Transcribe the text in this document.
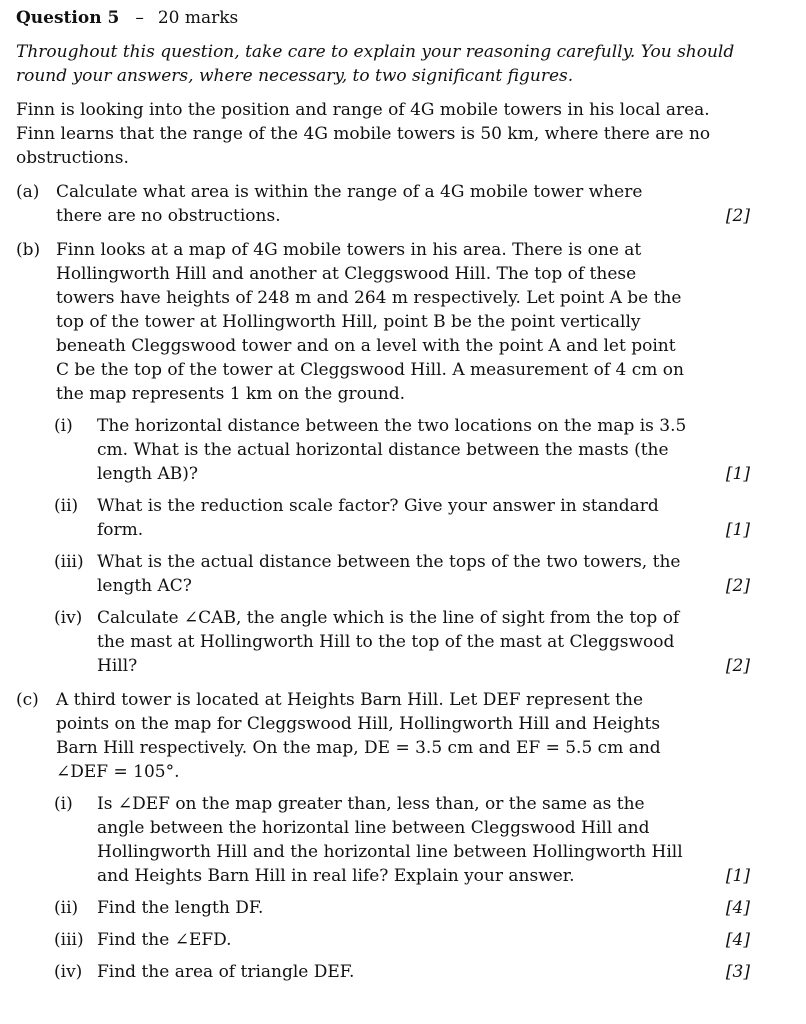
Question 5 – 20 marks
Throughout this question, take care to explain your reasoning carefully. You should round your answers, where necessary, to two significant figures.
Finn is looking into the position and range of 4G mobile towers in his local area. Finn learns that the range of the 4G mobile towers is 50 km, where there are no obstructions.
(a) Calculate what area is within the range of a 4G mobile tower where there are no obstructions.	[2]
(b) Finn looks at a map of 4G mobile towers in his area. There is one at Hollingworth Hill and another at Cleggswood Hill. The top of these towers have heights of 248 m and 264 m respectively. Let point A be the top of the tower at Hollingworth Hill, point B be the point vertically beneath Cleggswood tower and on a level with the point A and let point C be the top of the tower at Cleggswood Hill. A measurement of 4 cm on the map represents 1 km on the ground.
(i) The horizontal distance between the two locations on the map is 3.5 cm. What is the actual horizontal distance between the masts (the length AB)?	[1]
(ii) What is the reduction scale factor? Give your answer in standard form.	[1]
(iii) What is the actual distance between the tops of the two towers, the length AC?	[2]
(iv) Calculate ∠CAB, the angle which is the line of sight from the top of the mast at Hollingworth Hill to the top of the mast at Cleggswood Hill?	[2]
(c) A third tower is located at Heights Barn Hill. Let DEF represent the points on the map for Cleggswood Hill, Hollingworth Hill and Heights Barn Hill respectively. On the map, DE = 3.5 cm and EF = 5.5 cm and ∠DEF = 105°.
(i) Is ∠DEF on the map greater than, less than, or the same as the angle between the horizontal line between Cleggswood Hill and Hollingworth Hill and the horizontal line between Hollingworth Hill and Heights Barn Hill in real life? Explain your answer.	[1]
(ii) Find the length DF.	[4]
(iii) Find the ∠EFD.	[4]
(iv) Find the area of triangle DEF.	[3]
